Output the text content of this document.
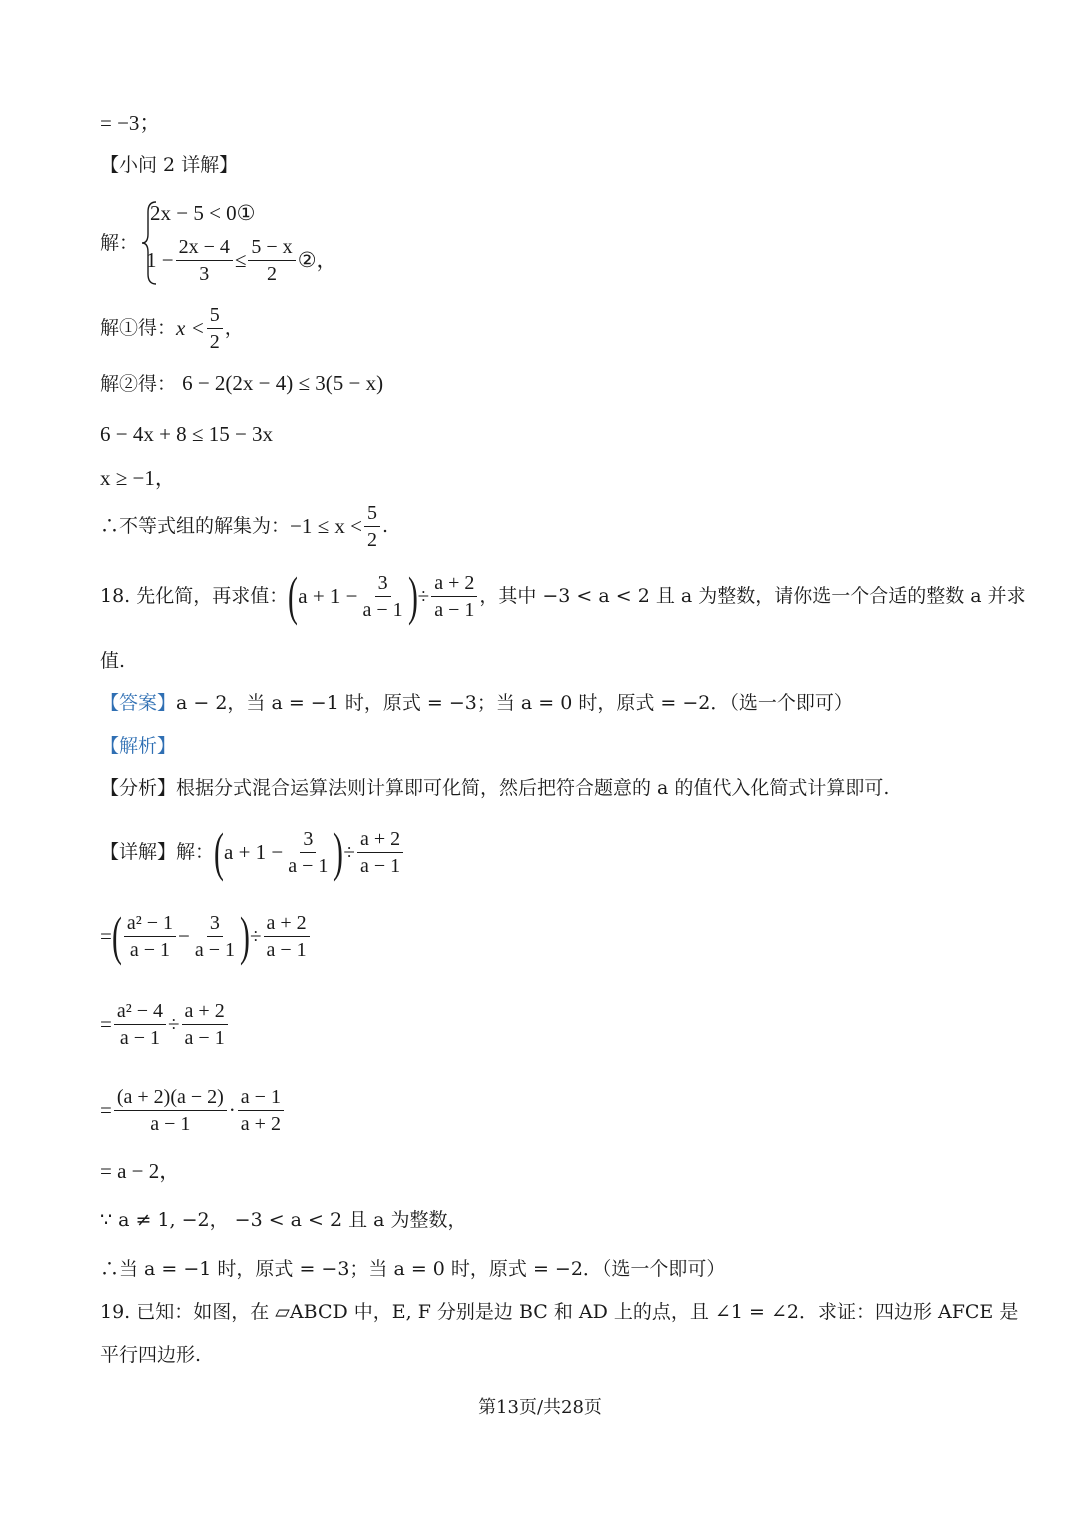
= −3；
【小问 2 详解】
解：
2x − 5 < 0①
$1 - \frac{2x - 4}{3} \le \frac{5 - x}{2}$ ②，
解①得： $x < \frac{5}{2}$ ，
解②得： 6 − 2(2x − 4) ≤ 3(5 − x)
6 − 4x + 8 ≤ 15 − 3x
x ≥ −1，
∴不等式组的解集为： $-1 \le x < \frac{5}{2}$ .
18. 先化简，再求值： ( $a + 1 - \frac{3}{a - 1}$ ) ÷ $\frac{a + 2}{a - 1}$ ，其中 −3 < a < 2 且 a 为整数，请你选一个合适的整数 a 并求
值.
【答案】a − 2，当 a = −1 时，原式 = −3；当 a = 0 时，原式 = −2．（选一个即可）
【解析】
【分析】根据分式混合运算法则计算即可化简，然后把符合题意的 a 的值代入化简式计算即可.
【详解】解： ( $a + 1 - \frac{3}{a - 1}$ ) ÷ $\frac{a + 2}{a - 1}$
= ( $\frac{\text{a² − 1}}{a - 1} - \frac{3}{a - 1}$ ) ÷ $\frac{a + 2}{a - 1}$
= $\frac{\text{a² − 4}}{a - 1} \div \frac{a + 2}{a - 1}$
= $\frac{(a + 2)(a - 2)}{a - 1} \cdot \frac{a - 1}{a + 2}$
= a − 2，
∵ a ≠ 1, −2， −3 < a < 2 且 a 为整数，
∴当 a = −1 时，原式 = −3；当 a = 0 时，原式 = −2．（选一个即可）
19. 已知：如图，在 ▱ABCD 中，E, F 分别是边 BC 和 AD 上的点，且 ∠1 = ∠2．求证：四边形 AFCE 是
平行四边形.
第13页/共28页
